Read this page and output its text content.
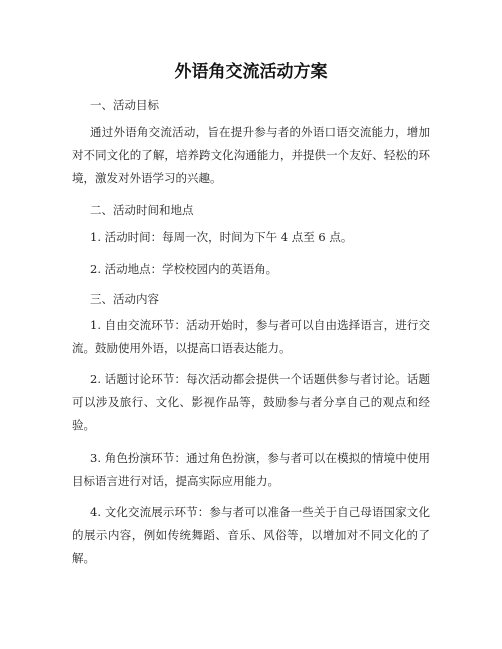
外语角交流活动方案
一、活动目标
通过外语角交流活动，旨在提升参与者的外语口语交流能力，增加对不同文化的了解，培养跨文化沟通能力，并提供一个友好、轻松的环境，激发对外语学习的兴趣。
二、活动时间和地点
1. 活动时间：每周一次，时间为下午 4 点至 6 点。
2. 活动地点：学校校园内的英语角。
三、活动内容
1. 自由交流环节：活动开始时，参与者可以自由选择语言，进行交流。鼓励使用外语，以提高口语表达能力。
2. 话题讨论环节：每次活动都会提供一个话题供参与者讨论。话题可以涉及旅行、文化、影视作品等，鼓励参与者分享自己的观点和经验。
3. 角色扮演环节：通过角色扮演，参与者可以在模拟的情境中使用目标语言进行对话，提高实际应用能力。
4. 文化交流展示环节：参与者可以准备一些关于自己母语国家文化的展示内容，例如传统舞蹈、音乐、风俗等，以增加对不同文化的了解。
